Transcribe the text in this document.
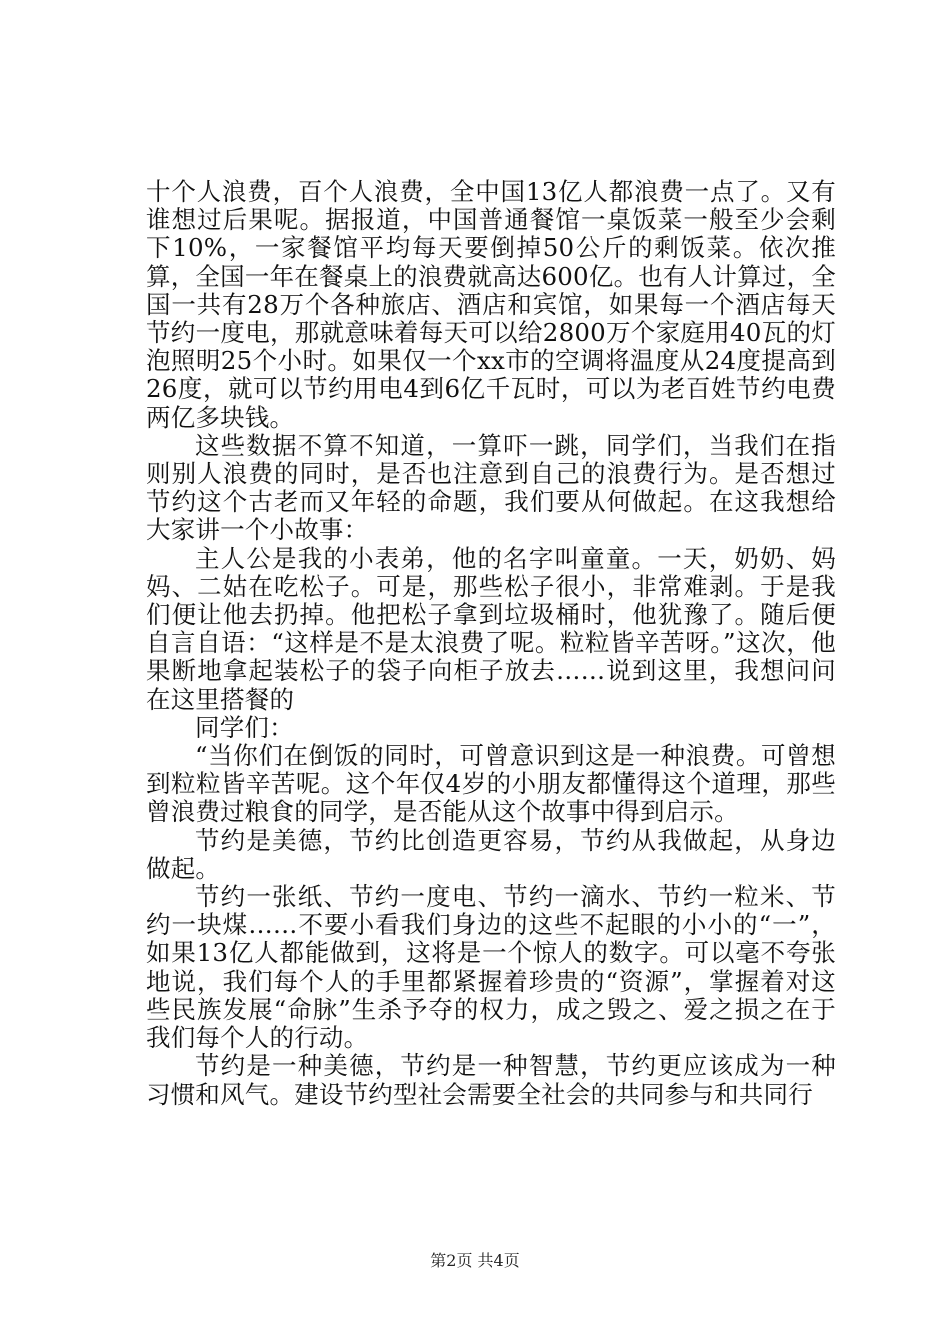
十个人浪费，百个人浪费，全中国13亿人都浪费一点了。又有谁想过后果呢。据报道，中国普通餐馆一桌饭菜一般至少会剩下10%，一家餐馆平均每天要倒掉50公斤的剩饭菜。依次推算，全国一年在餐桌上的浪费就高达600亿。也有人计算过，全国一共有28万个各种旅店、酒店和宾馆，如果每一个酒店每天节约一度电，那就意味着每天可以给2800万个家庭用40瓦的灯泡照明25个小时。如果仅一个xx市的空调将温度从24度提高到26度，就可以节约用电4到6亿千瓦时，可以为老百姓节约电费两亿多块钱。

这些数据不算不知道，一算吓一跳，同学们，当我们在指则别人浪费的同时，是否也注意到自己的浪费行为。是否想过节约这个古老而又年轻的命题，我们要从何做起。在这我想给大家讲一个小故事：

主人公是我的小表弟，他的名字叫童童。一天，奶奶、妈妈、二姑在吃松子。可是，那些松子很小，非常难剥。于是我们便让他去扔掉。他把松子拿到垃圾桶时，他犹豫了。随后便自言自语：“这样是不是太浪费了呢。粒粒皆辛苦呀。”这次，他果断地拿起装松子的袋子向柜子放去……说到这里，我想问问在这里搭餐的

同学们：

“当你们在倒饭的同时，可曾意识到这是一种浪费。可曾想到粒粒皆辛苦呢。这个年仅4岁的小朋友都懂得这个道理，那些曾浪费过粮食的同学，是否能从这个故事中得到启示。

节约是美德，节约比创造更容易，节约从我做起，从身边做起。

节约一张纸、节约一度电、节约一滴水、节约一粒米、节约一块煤……不要小看我们身边的这些不起眼的小小的“一”，如果13亿人都能做到，这将是一个惊人的数字。可以毫不夸张地说，我们每个人的手里都紧握着珍贵的“资源”，掌握着对这些民族发展“命脉”生杀予夺的权力，成之毁之、爱之损之在于我们每个人的行动。

节约是一种美德，节约是一种智慧，节约更应该成为一种习惯和风气。建设节约型社会需要全社会的共同参与和共同行

第2页 共4页
